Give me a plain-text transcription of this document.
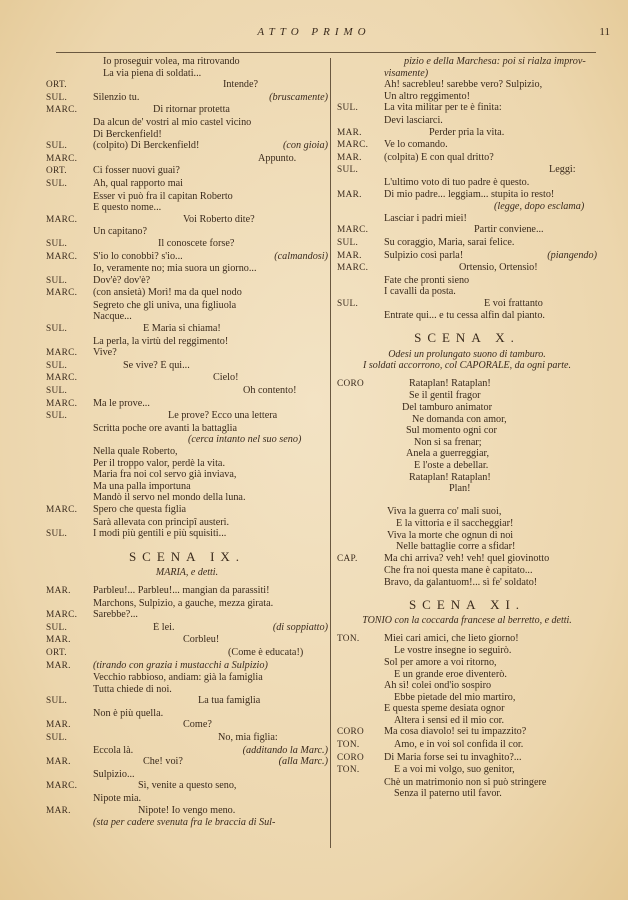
ATTO PRIMO	11
Io proseguir volea, ma ritrovando
La via piena di soldati...
ORT.	Intende?
SUL.	Silenzio tu.	(bruscamente)
MARC.	Di ritornar protetta
Da alcun de' vostri al mio castel vicino
Di Berckenfield!
SUL.	(colpito) Di Berckenfield!	(con gioia)
MARC.	Appunto.
ORT.	Ci fosser nuovi guai?
SUL.	Ah, qual rapporto mai
Esser vi può fra il capitan Roberto
E questo nome...
MARC.	Voi Roberto dite?
Un capitano?
SUL.	Il conoscete forse?
MARC.	S'io lo conobbi? s'io...	(calmandosi)
Io, veramente no; mia suora un giorno...
SUL.	Dov'è? dov'è?
MARC.	(con ansietà) Morì! ma da quel nodo
Segreto che gli univa, una figliuola
Nacque...
SUL.	E Maria si chiama!
La perla, la virtù del reggimento!
MARC.	Vive?
SUL.	Se vive? È qui...
MARC.	Cielo!
SUL.	Oh contento!
MARC.	Ma le prove...
SUL.	Le prove? Ecco una lettera
Scritta poche ore avanti la battaglia
(cerca intanto nel suo seno)
Nella quale Roberto,
Per il troppo valor, perdè la vita.
Maria fra noi col servo già inviava,
Ma una palla importuna
Mandò il servo nel mondo della luna.
MARC.	Spero che questa figlia
Sarà allevata con principî austeri.
SUL.	I modi più gentili e più squisiti...
SCENA IX.
MARIA, e detti.
MAR.	Parbleu!... Parbleu!... mangian da parassiti!
Marchons, Sulpizio, a gauche, mezza girata.
MARC.	Sarebbe?...
SUL.	È lei.	(di soppiatto)
MAR.	Corbleu!
ORT.	(Come è educata!)
MAR.	(tirando con grazia i mustacchi a Sulpizio)
Vecchio rabbioso, andiam: già la famiglia
Tutta chiede di noi.
SUL.	La tua famiglia
Non è più quella.
MAR.	Come?
SUL.	No, mia figlia:
Eccola là.	(additando la Marc.)
MAR.	Che! voi?	(alla Marc.)
Sulpizio...
MARC.	Sì, venite a questo seno,
Nipote mia.
MAR.	Nipote! Io vengo meno.
(sta per cadere svenuta fra le braccia di Sul-
pizio e della Marchesa: poi si rialza improv-
visamente)
Ah! sacrebleu! sarebbe vero? Sulpizio,
Un altro reggimento!
SUL.	La vita militar per te è finita:
Devi lasciarci.
MAR.	Perder pria la vita.
MARC.	Ve lo comando.
MAR.	(colpita) E con qual dritto?
SUL.	Leggi:
L'ultimo voto di tuo padre è questo.
MAR.	Di mio padre... leggiam... stupita io resto!
(legge, dopo esclama)
Lasciar i padri miei!
MARC.	Partir conviene...
SUL.	Su coraggio, Maria, sarai felice.
MAR.	Sulpizio così parla!	(piangendo)
MARC.	Ortensio, Ortensio!
Fate che pronti sieno
I cavalli da posta.
SUL.	E voi frattanto
Entrate qui... e tu cessa alfin dal pianto.
SCENA X.
Odesi un prolungato suono di tamburo.
I soldati accorrono, col CAPORALE, da ogni parte.
CORO	Rataplan! Rataplan!
Se il gentil fragor
Del tamburo animator
Ne domanda con amor,
Sul momento ogni cor
Non si sa frenar;
Anela a guerreggiar,
E l'oste a debellar.
Rataplan! Rataplan!
Plan!
Viva la guerra co' mali suoi,
E la vittoria e il saccheggiar!
Viva la morte che ognun di noi
Nelle battaglie corre a sfidar!
CAP.	Ma chi arriva? veh! veh! quel giovinotto
Che fra noi questa mane è capitato...
Bravo, da galantuom!... sì fe' soldato!
SCENA XI.
TONIO con la coccarda francese al berretto, e detti.
TON.	Miei cari amici, che lieto giorno!
Le vostre insegne io seguirò.
Sol per amore a voi ritorno,
E un grande eroe diventerò.
Ah sì! colei ond'io sospiro
Ebbe pietade del mio martiro,
E questa speme desiata ognor
Altera i sensi ed il mio cor.
CORO	Ma cosa diavolo! sei tu impazzito?
TON.	Amo, e in voi sol confida il cor.
CORO	Di Maria forse sei tu invaghito?...
TON.	E a voi mi volgo, suo genitor,
Chè un matrimonio non si può stringere
Senza il paterno util favor.
